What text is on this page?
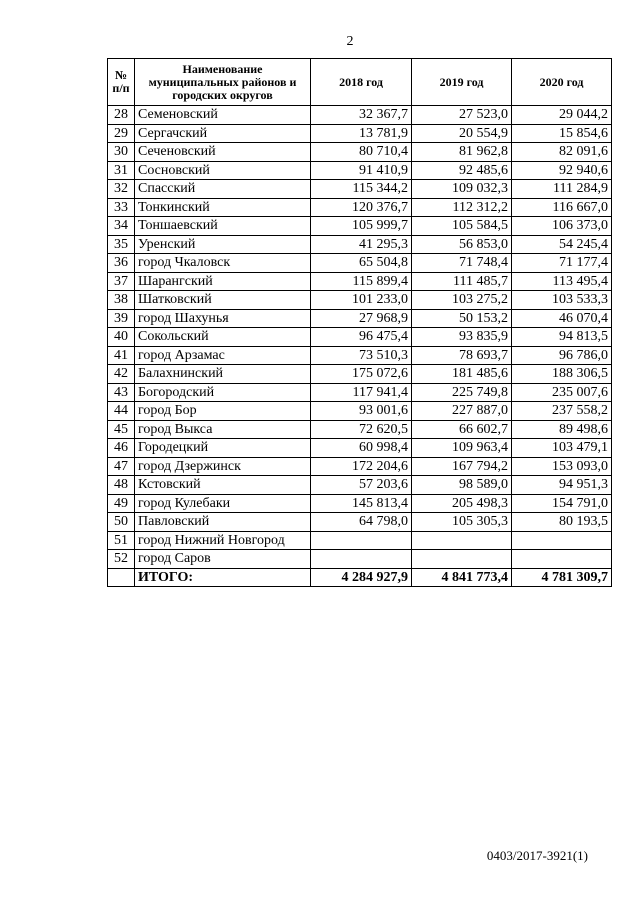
2
№ п/п	Наименование муниципальных районов и городских округов	2018 год	2019 год	2020 год
28	Семеновский	32 367,7	27 523,0	29 044,2
29	Сергачский	13 781,9	20 554,9	15 854,6
30	Сеченовский	80 710,4	81 962,8	82 091,6
31	Сосновский	91 410,9	92 485,6	92 940,6
32	Спасский	115 344,2	109 032,3	111 284,9
33	Тонкинский	120 376,7	112 312,2	116 667,0
34	Тоншаевский	105 999,7	105 584,5	106 373,0
35	Уренский	41 295,3	56 853,0	54 245,4
36	город Чкаловск	65 504,8	71 748,4	71 177,4
37	Шарангский	115 899,4	111 485,7	113 495,4
38	Шатковский	101 233,0	103 275,2	103 533,3
39	город Шахунья	27 968,9	50 153,2	46 070,4
40	Сокольский	96 475,4	93 835,9	94 813,5
41	город Арзамас	73 510,3	78 693,7	96 786,0
42	Балахнинский	175 072,6	181 485,6	188 306,5
43	Богородский	117 941,4	225 749,8	235 007,6
44	город Бор	93 001,6	227 887,0	237 558,2
45	город Выкса	72 620,5	66 602,7	89 498,6
46	Городецкий	60 998,4	109 963,4	103 479,1
47	город Дзержинск	172 204,6	167 794,2	153 093,0
48	Кстовский	57 203,6	98 589,0	94 951,3
49	город Кулебаки	145 813,4	205 498,3	154 791,0
50	Павловский	64 798,0	105 305,3	80 193,5
51	город Нижний Новгород			
52	город Саров			
	ИТОГО:	4 284 927,9	4 841 773,4	4 781 309,7
0403/2017-3921(1)
